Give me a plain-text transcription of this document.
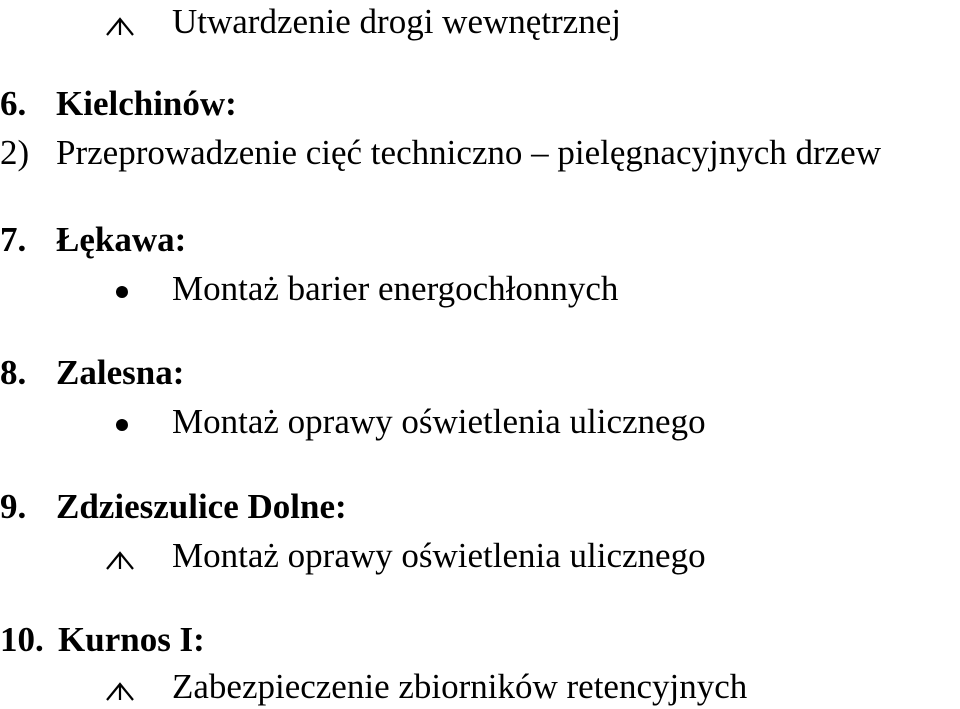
Utwardzenie drogi wewnętrznej
6. Kielchinów:
2) Przeprowadzenie cięć techniczno – pielęgnacyjnych drzew
7. Łękawa:
Montaż barier energochłonnych
8. Zalesna:
Montaż oprawy oświetlenia ulicznego
9. Zdzieszulice Dolne:
Montaż oprawy oświetlenia ulicznego
10. Kurnos I:
Zabezpieczenie zbiorników retencyjnych
